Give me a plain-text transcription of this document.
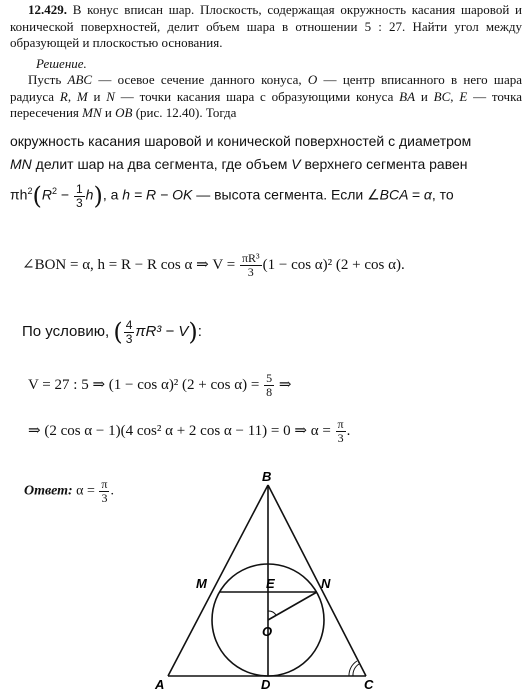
12.429. В конус вписан шар. Плоскость, содержащая окружность касания шаровой и конической поверхностей, делит объем шара в отношении 5 : 27. Найти угол между образующей и плоскостью основания.
Решение.
Пусть ABC — осевое сечение данного конуса, O — центр вписанного в него шара радиуса R, M и N — точки касания шара с образующими конуса BA и BC, E — точка пересечения MN и OB (рис. 12.40). Тогда
окружность касания шаровой и конической поверхностей с диаметром
MN делит шар на два сегмента, где объем V верхнего сегмента равен
$\pi h^2(R^2 - \frac{1}{3} h)$, а h = R − OK — высота сегмента. Если ∠BCA = α, то
∠BON = α, h = R − R cos α ⇒ $V = \frac{\text{πR³}}{3} (1 - \cos \alpha)^2$ (2 + cos α).
По условию, ( $\frac{4}{3} \pi R^3 - V$):
V = 27 : 5 ⇒ (1 − cos α)² $(2 + \cos \alpha) = \frac{5}{8}$ ⇒
⇒ (2 cos α − 1)(4 cos² α + 2 cos α − 11) = 0 ⇒ $\alpha = \frac{\pi}{3}$ .
Ответ: $\alpha = \frac{\pi}{3}$ .
B
M	E	N
O
A	D	C
